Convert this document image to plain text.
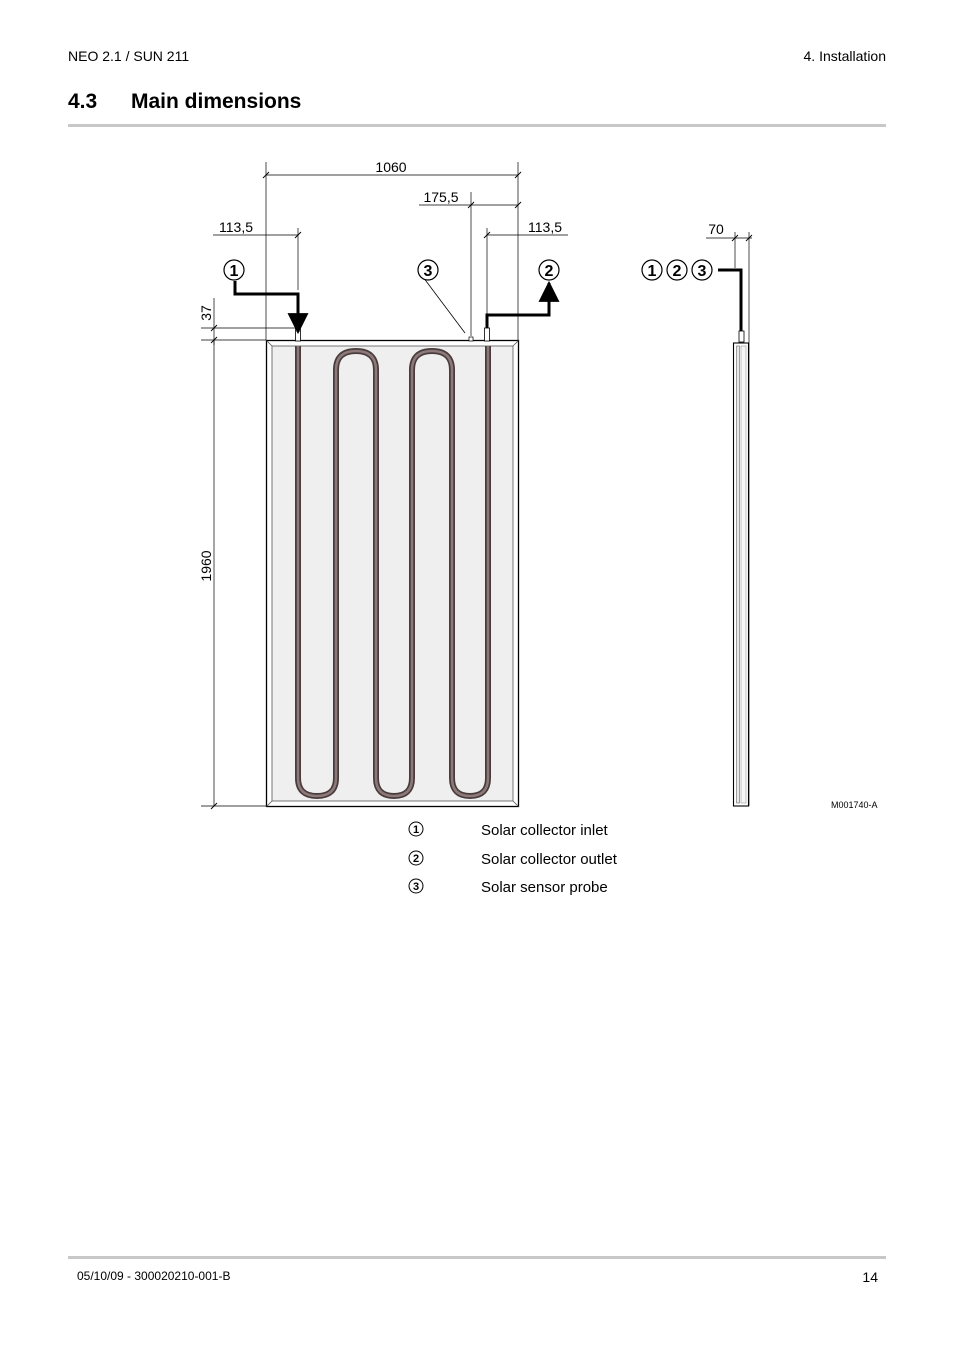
NEO 2.1 / SUN 211	4. Installation
4.3 Main dimensions
1	3	2
1060
175,5
113,5	113,5	70
37
1960
1 2 3
M001740-A
1	Solar collector inlet
2	Solar collector outlet
3	Solar sensor probe
05/10/09 - 300020210-001-B	14
